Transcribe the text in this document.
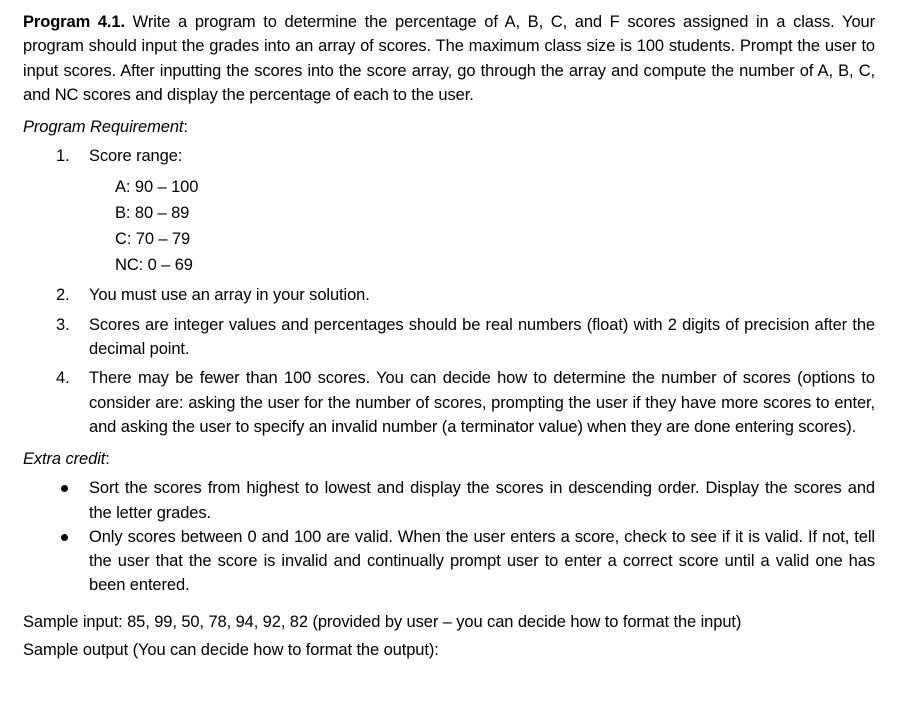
Program 4.1. Write a program to determine the percentage of A, B, C, and F scores assigned in a class. Your program should input the grades into an array of scores. The maximum class size is 100 students. Prompt the user to input scores. After inputting the scores into the score array, go through the array and compute the number of A, B, C, and NC scores and display the percentage of each to the user.

Program Requirement:

1. Score range:
A: 90 – 100
B: 80 – 89
C: 70 – 79
NC: 0 – 69
2. You must use an array in your solution.
3. Scores are integer values and percentages should be real numbers (float) with 2 digits of precision after the decimal point.
4. There may be fewer than 100 scores. You can decide how to determine the number of scores (options to consider are: asking the user for the number of scores, prompting the user if they have more scores to enter, and asking the user to specify an invalid number (a terminator value) when they are done entering scores).

Extra credit:

Sort the scores from highest to lowest and display the scores in descending order. Display the scores and the letter grades.
Only scores between 0 and 100 are valid. When the user enters a score, check to see if it is valid. If not, tell the user that the score is invalid and continually prompt user to enter a correct score until a valid one has been entered.

Sample input: 85, 99, 50, 78, 94, 92, 82 (provided by user – you can decide how to format the input)

Sample output (You can decide how to format the output):
